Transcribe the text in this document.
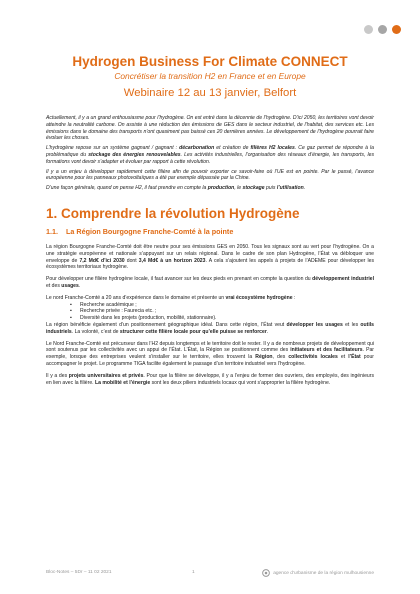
Hydrogen Business For Climate CONNECT
Concrétiser la transition H2 en France et en Europe
Webinaire 12 au 13 janvier, Belfort

Actuellement, il y a un grand enthousiasme pour l’hydrogène. On est entré dans la décennie de l’hydrogène. D’ici 2050, les territoires vont devoir atteindre la neutralité carbone. On assiste à une réduction des émissions de GES dans le secteur industriel, de l’habitat, des services etc. Les émissions dans le domaine des transports n’ont quasiment pas baissé ces 20 dernières années. Le développement de l’hydrogène pourrait faire évoluer les choses.

L’hydrogène repose sur un système gagnant / gagnant : décarbonation et création de filières H2 locales. Ce gaz permet de répondre à la problématique du stockage des énergies renouvelables. Les activités industrielles, l’organisation des réseaux d’énergie, les transports, les formations vont devoir s’adapter et évoluer par rapport à cette révolution.

Il y a un enjeu à développer rapidement cette filière afin de pouvoir exporter ce savoir-faire où l’UE est en pointe. Par le passé, l’avance européenne pour les panneaux photovoltaïques a été par exemple dépassée par la Chine.

D’une façon générale, quand on pense H2, il faut prendre en compte la production, le stockage puis l’utilisation.

1. Comprendre la révolution Hydrogène
1.1. La Région Bourgogne Franche-Comté à la pointe

La région Bourgogne Franche-Comté doit être neutre pour ses émissions GES en 2050. Tous les signaux sont au vert pour l’hydrogène. On a une stratégie européenne et nationale s’appuyant sur un relais régional. Dans le cadre de son plan Hydrogène, l’État va débloquer une enveloppe de 7,2 Md€ d’ici 2030 dont 3,4 Md€ à un horizon 2023. A cela s’ajoutent les appels à projets de l’ADEME pour développer les écosystèmes territoriaux hydrogène.

Pour développer une filière hydrogène locale, il faut avancer sur les deux pieds en prenant en compte la question du développement industriel et des usages.

Le nord Franche-Comté a 20 ans d’expérience dans le domaine et présente un vrai écosystème hydrogène :

▪ Recherche académique ;
▪ Recherche privée : Faurecia etc. ;
▪ Diversité dans les projets (production, mobilité, stationnaire).

La région bénéficie également d’un positionnement géographique idéal. Dans cette région, l’État veut développer les usages et les outils industriels. La volonté, c’est de structurer cette filière locale pour qu’elle puisse se renforcer.

Le Nord Franche-Comté est précurseur dans l’H2 depuis longtemps et le territoire doit le rester. Il y a de nombreux projets de développement qui sont soutenus par les collectivités avec un appui de l’État. L’État, la Région se positionnent comme des initiateurs et des facilitateurs. Par exemple, lorsque des entreprises veulent s’installer sur le territoire, elles trouvent la Région, des collectivités locales et l’État pour accompagner le projet. Le programme TIGA facilite également le passage d’un territoire industriel vers l’hydrogène.

Il y a des projets universitaires et privés. Pour que la filière se développe, il y a l’enjeu de former des ouvriers, des employés, des ingénieurs en lien avec la filière. La mobilité et l’énergie sont les deux piliers industriels locaux qui vont s’approprier la filière hydrogène.

Bloc-Notes – 5Dr – 11 02 2021	1	agence d’urbanisme de la région mulhousienne
